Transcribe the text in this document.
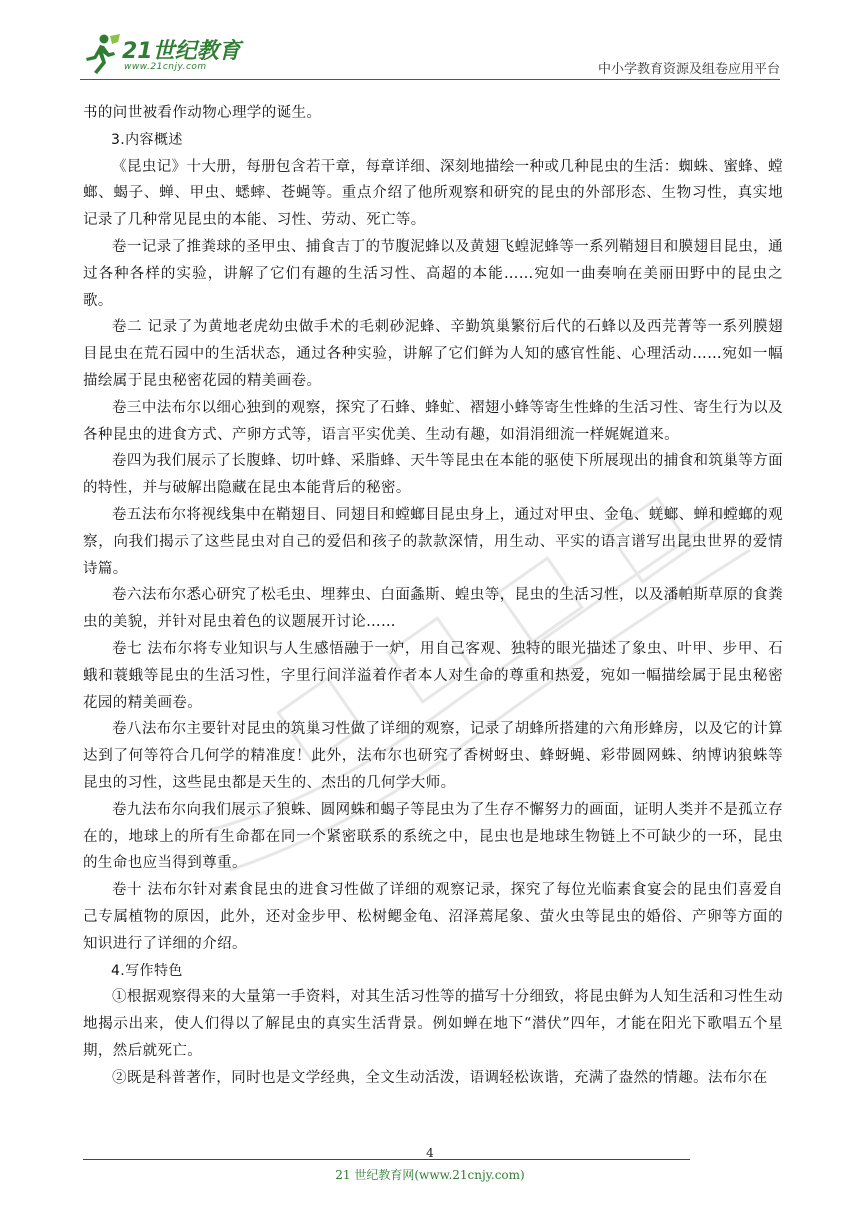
21世纪教育
www.21cnjy.com	中小学教育资源及组卷应用平台

书的问世被看作动物心理学的诞生。

3.内容概述

《昆虫记》十大册，每册包含若干章，每章详细、深刻地描绘一种或几种昆虫的生活：蜘蛛、蜜蜂、螳螂、蝎子、蝉、甲虫、蟋蟀、苍蝇等。重点介绍了他所观察和研究的昆虫的外部形态、生物习性，真实地记录了几种常见昆虫的本能、习性、劳动、死亡等。

卷一记录了推粪球的圣甲虫、捕食吉丁的节腹泥蜂以及黄翅飞蝗泥蜂等一系列鞘翅目和膜翅目昆虫，通过各种各样的实验，讲解了它们有趣的生活习性、高超的本能……宛如一曲奏响在美丽田野中的昆虫之歌。

卷二 记录了为黄地老虎幼虫做手术的毛刺砂泥蜂、辛勤筑巢繁衍后代的石蜂以及西芫菁等一系列膜翅目昆虫在荒石园中的生活状态，通过各种实验，讲解了它们鲜为人知的感官性能、心理活动……宛如一幅描绘属于昆虫秘密花园的精美画卷。

卷三中法布尔以细心独到的观察，探究了石蜂、蜂虻、褶翅小蜂等寄生性蜂的生活习性、寄生行为以及各种昆虫的进食方式、产卵方式等，语言平实优美、生动有趣，如涓涓细流一样娓娓道来。

卷四为我们展示了长腹蜂、切叶蜂、采脂蜂、天牛等昆虫在本能的驱使下所展现出的捕食和筑巢等方面的特性，并与破解出隐藏在昆虫本能背后的秘密。

卷五法布尔将视线集中在鞘翅目、同翅目和螳螂目昆虫身上，通过对甲虫、金龟、蜣螂、蝉和螳螂的观察，向我们揭示了这些昆虫对自己的爱侣和孩子的款款深情，用生动、平实的语言谱写出昆虫世界的爱情诗篇。

卷六法布尔悉心研究了松毛虫、埋葬虫、白面螽斯、蝗虫等，昆虫的生活习性，以及潘帕斯草原的食粪虫的美貌，并针对昆虫着色的议题展开讨论……

卷七 法布尔将专业知识与人生感悟融于一炉，用自己客观、独特的眼光描述了象虫、叶甲、步甲、石蛾和蓑蛾等昆虫的生活习性，字里行间洋溢着作者本人对生命的尊重和热爱，宛如一幅描绘属于昆虫秘密花园的精美画卷。

卷八法布尔主要针对昆虫的筑巢习性做了详细的观察，记录了胡蜂所搭建的六角形蜂房，以及它的计算达到了何等符合几何学的精准度！此外，法布尔也研究了香树蚜虫、蜂蚜蝇、彩带圆网蛛、纳博讷狼蛛等昆虫的习性，这些昆虫都是天生的、杰出的几何学大师。

卷九法布尔向我们展示了狼蛛、圆网蛛和蝎子等昆虫为了生存不懈努力的画面，证明人类并不是孤立存在的，地球上的所有生命都在同一个紧密联系的系统之中，昆虫也是地球生物链上不可缺少的一环，昆虫的生命也应当得到尊重。

卷十 法布尔针对素食昆虫的进食习性做了详细的观察记录，探究了每位光临素食宴会的昆虫们喜爱自己专属植物的原因，此外，还对金步甲、松树鳃金龟、沼泽蔫尾象、萤火虫等昆虫的婚俗、产卵等方面的知识进行了详细的介绍。

4.写作特色

①根据观察得来的大量第一手资料，对其生活习性等的描写十分细致，将昆虫鲜为人知生活和习性生动地揭示出来，使人们得以了解昆虫的真实生活背景。例如蝉在地下“潜伏”四年，才能在阳光下歌唱五个星期，然后就死亡。

②既是科普著作，同时也是文学经典，全文生动活泼，语调轻松诙谐，充满了盎然的情趣。法布尔在

4
21 世纪教育网(www.21cnjy.com)
